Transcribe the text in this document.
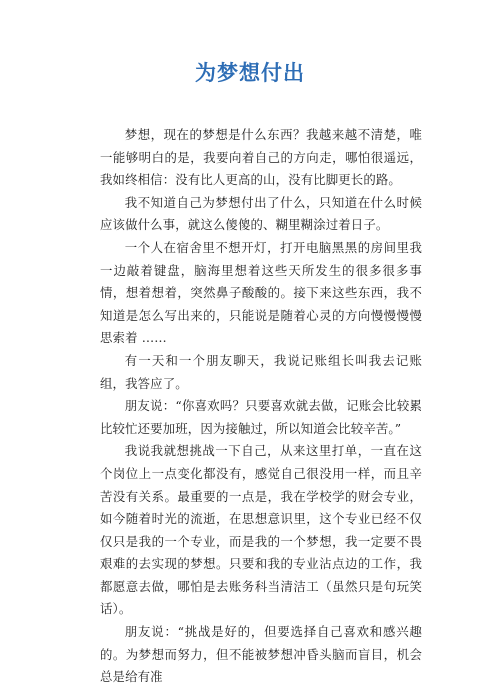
为梦想付出

梦想，现在的梦想是什么东西？我越来越不清楚，唯一能够明白的是，我要向着自己的方向走，哪怕很遥远，我如终相信：没有比人更高的山，没有比脚更长的路。

我不知道自己为梦想付出了什么，只知道在什么时候应该做什么事，就这么傻傻的、糊里糊涂过着日子。

一个人在宿舍里不想开灯，打开电脑黑黑的房间里我一边敲着键盘，脑海里想着这些天所发生的很多很多事情，想着想着，突然鼻子酸酸的。接下来这些东西，我不知道是怎么写出来的，只能说是随着心灵的方向慢慢慢慢思索着 ……

有一天和一个朋友聊天，我说记账组长叫我去记账组，我答应了。

朋友说：“你喜欢吗？只要喜欢就去做，记账会比较累比较忙还要加班，因为接触过，所以知道会比较辛苦。”

我说我就想挑战一下自己，从来这里打单，一直在这个岗位上一点变化都没有，感觉自己很没用一样，而且辛苦没有关系。最重要的一点是，我在学校学的财会专业，如今随着时光的流逝，在思想意识里，这个专业已经不仅仅只是我的一个专业，而是我的一个梦想，我一定要不畏艰难的去实现的梦想。只要和我的专业沾点边的工作，我都愿意去做，哪怕是去账务科当清洁工（虽然只是句玩笑话）。

朋友说：“挑战是好的，但要选择自己喜欢和感兴趣的。为梦想而努力，但不能被梦想冲昏头脑而盲目，机会总是给有准
